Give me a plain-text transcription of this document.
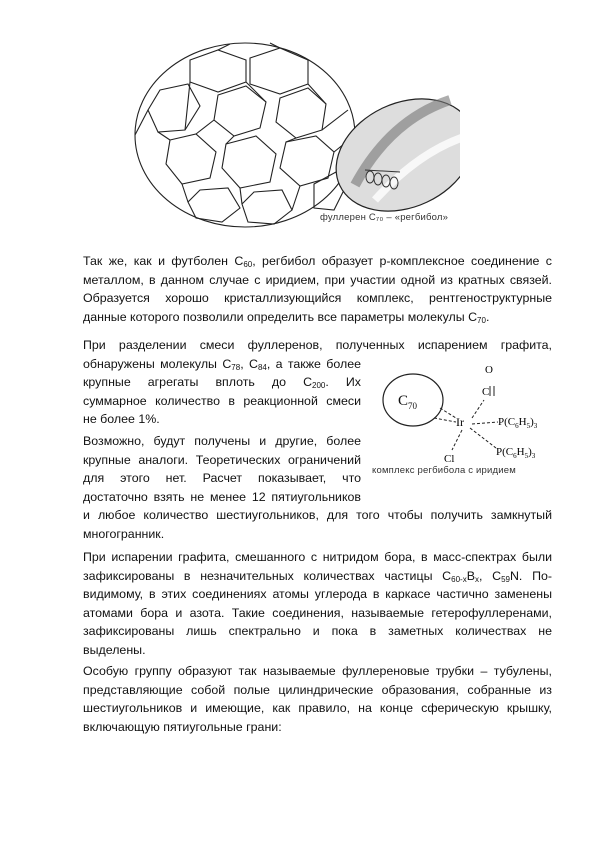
фуллерен C₇₀ – «регбибол»
Так же, как и футболен $С_{60}$, регбибол образует p-комплексное соединение с
металлом, в данном случае с иридием, при участии одной из кратных связей.
Образуется хорошо кристаллизующийся комплекс, рентгеноструктурные
данные которого позволили определить все параметры молекулы $С_{70}$.
При разделении смеси фуллеренов, полученных испарением графита,
обнаружены молекулы $С_{78}$, $С_{84}$, а также более
крупные агрегаты вплоть до $С_{200}$. Их
суммарное количество в реакционной смеси
не более 1%.
Возможно, будут получены и другие, более
крупные аналоги. Теоретических ограничений
для этого нет. Расчет показывает, что
достаточно взять не менее 12 пятиугольников
и любое количество шестиугольников, для того чтобы получить замкнутый
многогранник.
$C_{70}$
O
C
Ir	$P(C_6H_5)_3$
$P(C_6H_5)_3$
Cl
комплекс регбибола с иридием
При испарении графита, смешанного с нитридом бора, в масс-спектрах были
зафиксированы в незначительных количествах частицы $С_{60-x}B_x$, $С_{59}N$. По-
видимому, в этих соединениях атомы углерода в каркасе частично заменены
атомами бора и азота. Такие соединения, называемые гетерофуллеренами,
зафиксированы лишь спектрально и пока в заметных количествах не
выделены.
Особую группу образуют так называемые фуллереновые трубки – тубулены,
представляющие собой полые цилиндрические образования, собранные из
шестиугольников и имеющие, как правило, на конце сферическую крышку,
включающую пятиугольные грани:
